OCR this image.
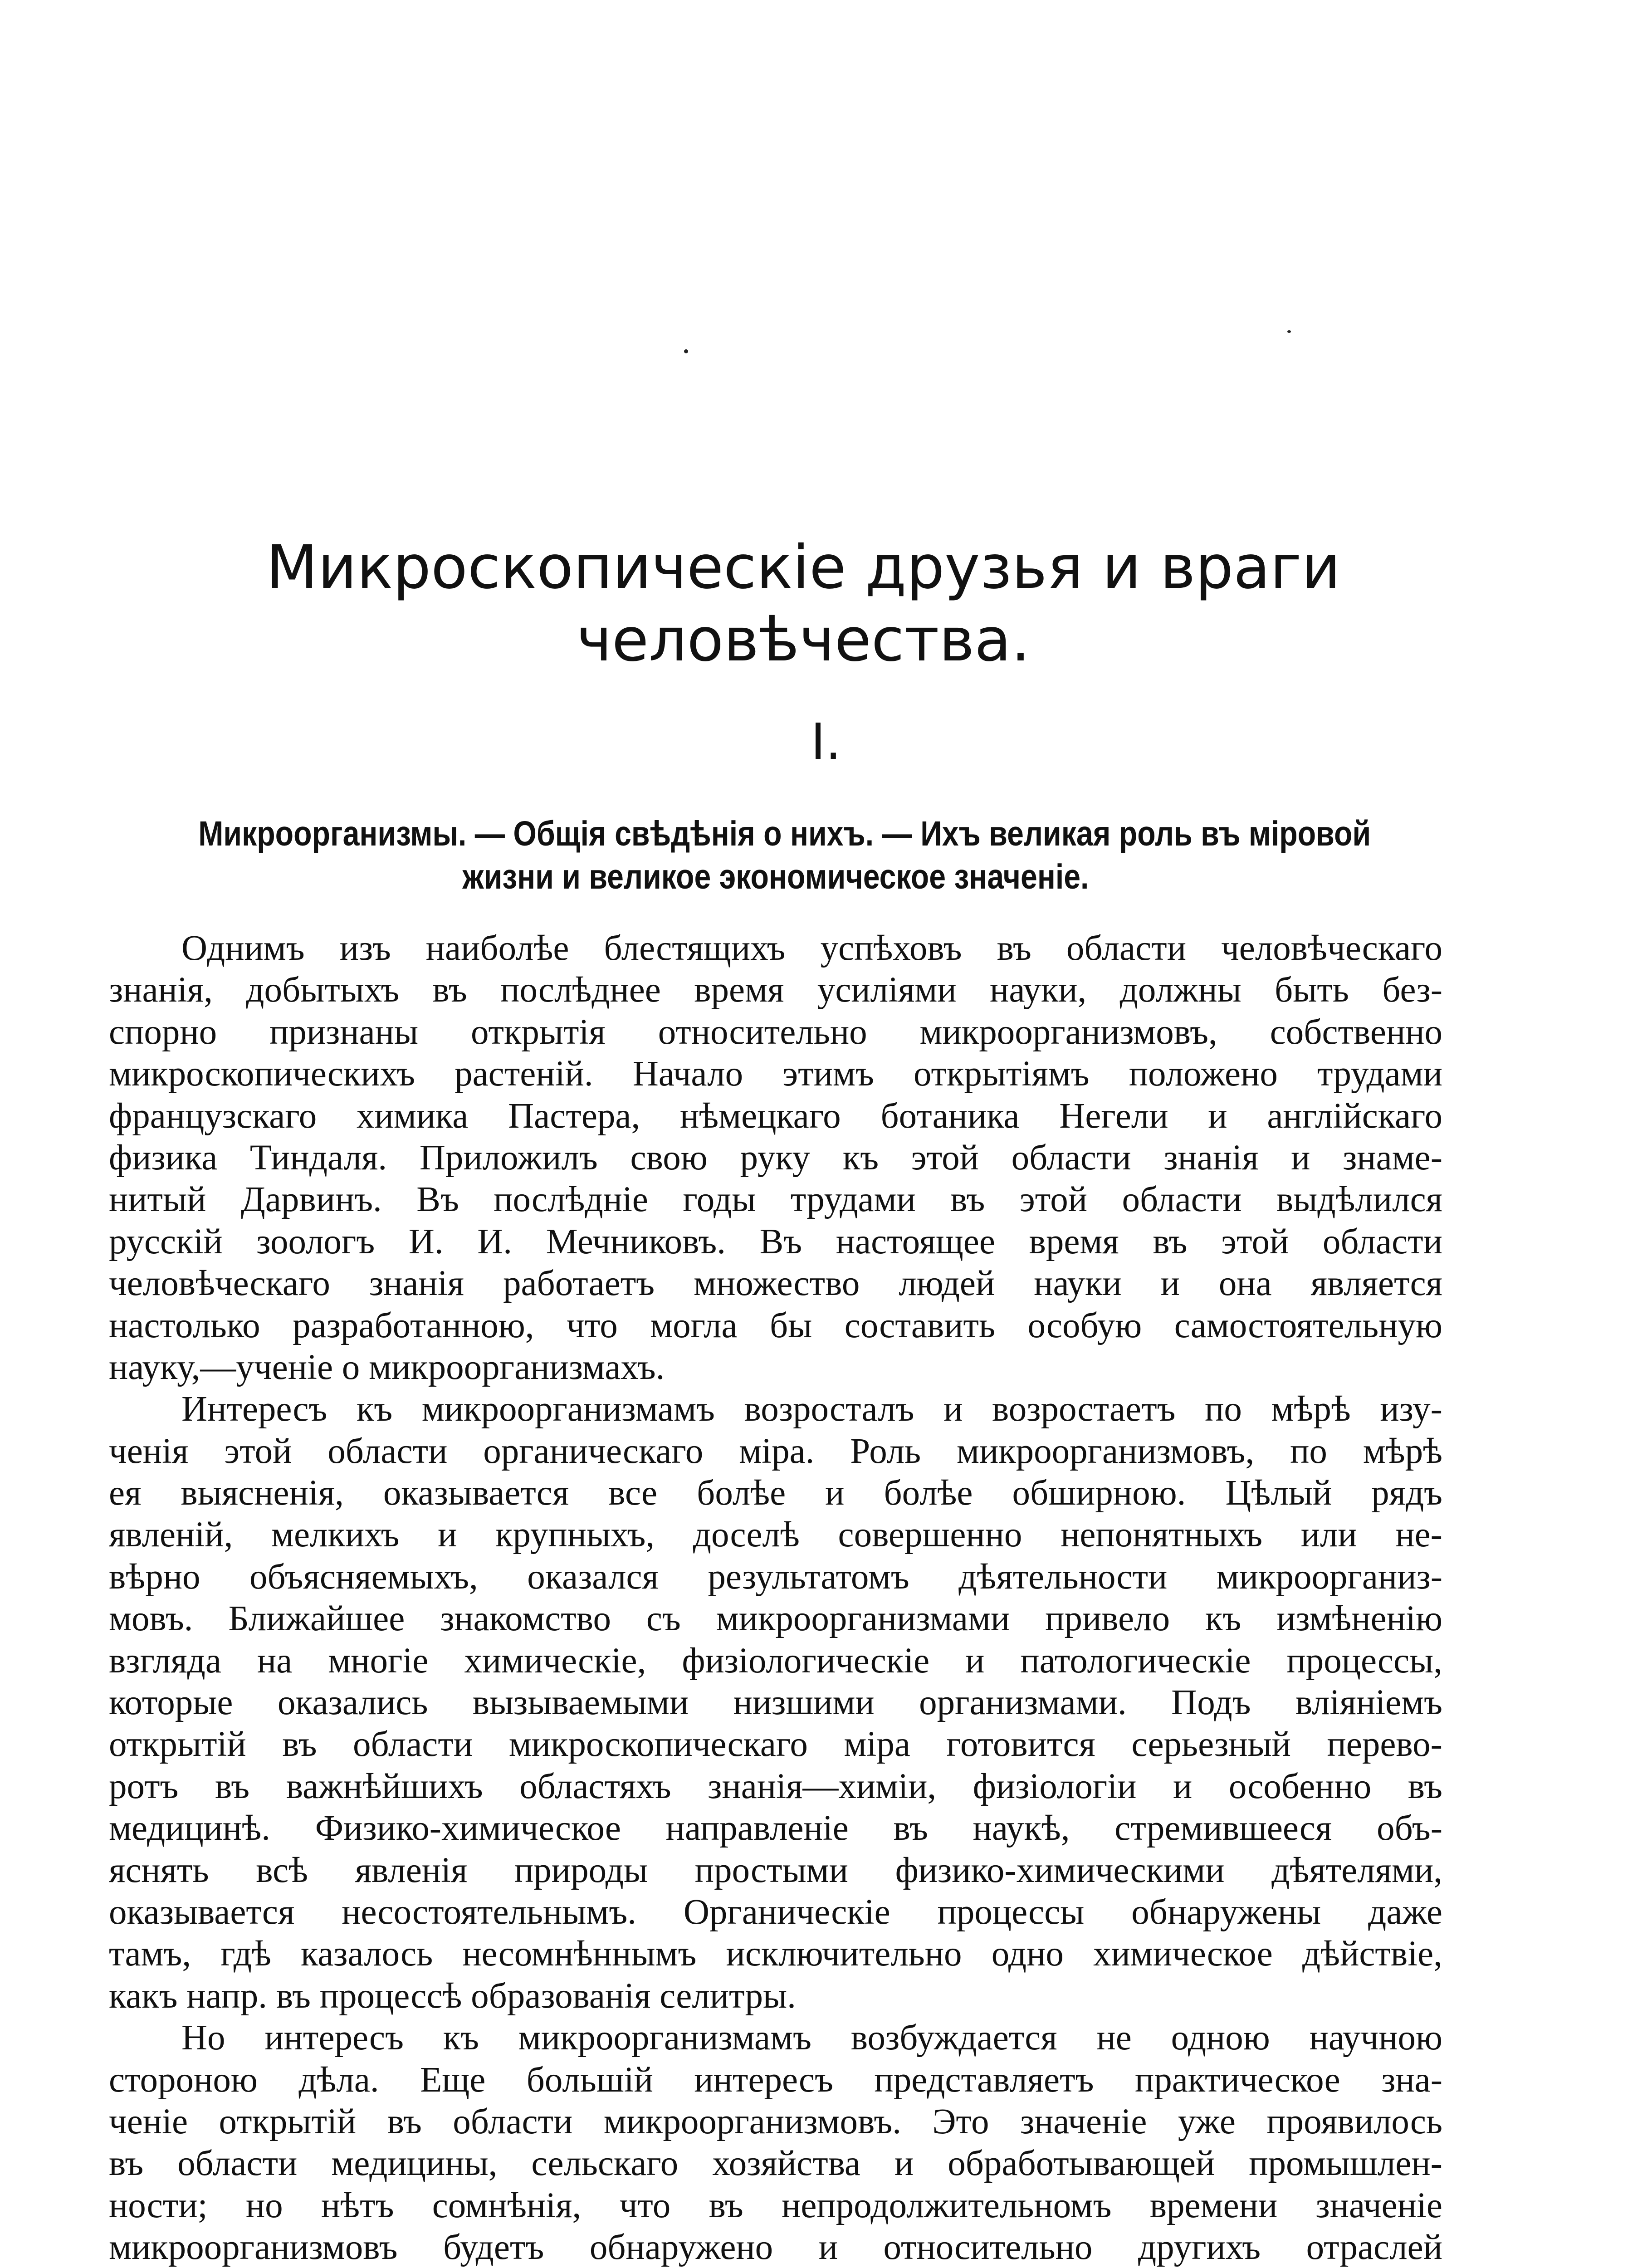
Микроскопическіе друзья и враги
человѣчества.
I.
Микроорганизмы. — Общія свѣдѣнія о нихъ. — Ихъ великая роль въ міровой
жизни и великое экономическое значеніе.
Однимъ изъ наиболѣе блестящихъ успѣховъ въ области человѣческаго
знанія, добытыхъ въ послѣднее время усиліями науки, должны быть без-
спорно признаны открытія относительно микроорганизмовъ, собственно
микроскопическихъ растеній. Начало этимъ открытіямъ положено трудами
французскаго химика Пастера, нѣмецкаго ботаника Негели и англійскаго
физика Тиндаля. Приложилъ свою руку къ этой области знанія и знаме-
нитый Дарвинъ. Въ послѣдніе годы трудами въ этой области выдѣлился
русскій зоологъ И. И. Мечниковъ. Въ настоящее время въ этой области
человѣческаго знанія работаетъ множество людей науки и она является
настолько разработанною, что могла бы составить особую самостоятельную
науку,—ученіе о микроорганизмахъ.
Интересъ къ микроорганизмамъ возросталъ и возростаетъ по мѣрѣ изу-
ченія этой области органическаго міра. Роль микроорганизмовъ, по мѣрѣ
ея выясненія, оказывается все болѣе и болѣе обширною. Цѣлый рядъ
явленій, мелкихъ и крупныхъ, доселѣ совершенно непонятныхъ или не-
вѣрно объясняемыхъ, оказался результатомъ дѣятельности микроорганиз-
мовъ. Ближайшее знакомство съ микроорганизмами привело къ измѣненію
взгляда на многіе химическіе, физіологическіе и патологическіе процессы,
которые оказались вызываемыми низшими организмами. Подъ вліяніемъ
открытій въ области микроскопическаго міра готовится серьезный перево-
ротъ въ важнѣйшихъ областяхъ знанія—химіи, физіологіи и особенно въ
медицинѣ. Физико-химическое направленіе въ наукѣ, стремившееся объ-
яснять всѣ явленія природы простыми физико-химическими дѣятелями,
оказывается несостоятельнымъ. Органическіе процессы обнаружены даже
тамъ, гдѣ казалось несомнѣннымъ исключительно одно химическое дѣйствіе,
какъ напр. въ процессѣ образованія селитры.
Но интересъ къ микроорганизмамъ возбуждается не одною научною
стороною дѣла. Еще большій интересъ представляетъ практическое зна-
ченіе открытій въ области микроорганизмовъ. Это значеніе уже проявилось
въ области медицины, сельскаго хозяйства и обработывающей промышлен-
ности; но нѣтъ сомнѣнія, что въ непродолжительномъ времени значеніе
микроорганизмовъ будетъ обнаружено и относительно другихъ отраслей
